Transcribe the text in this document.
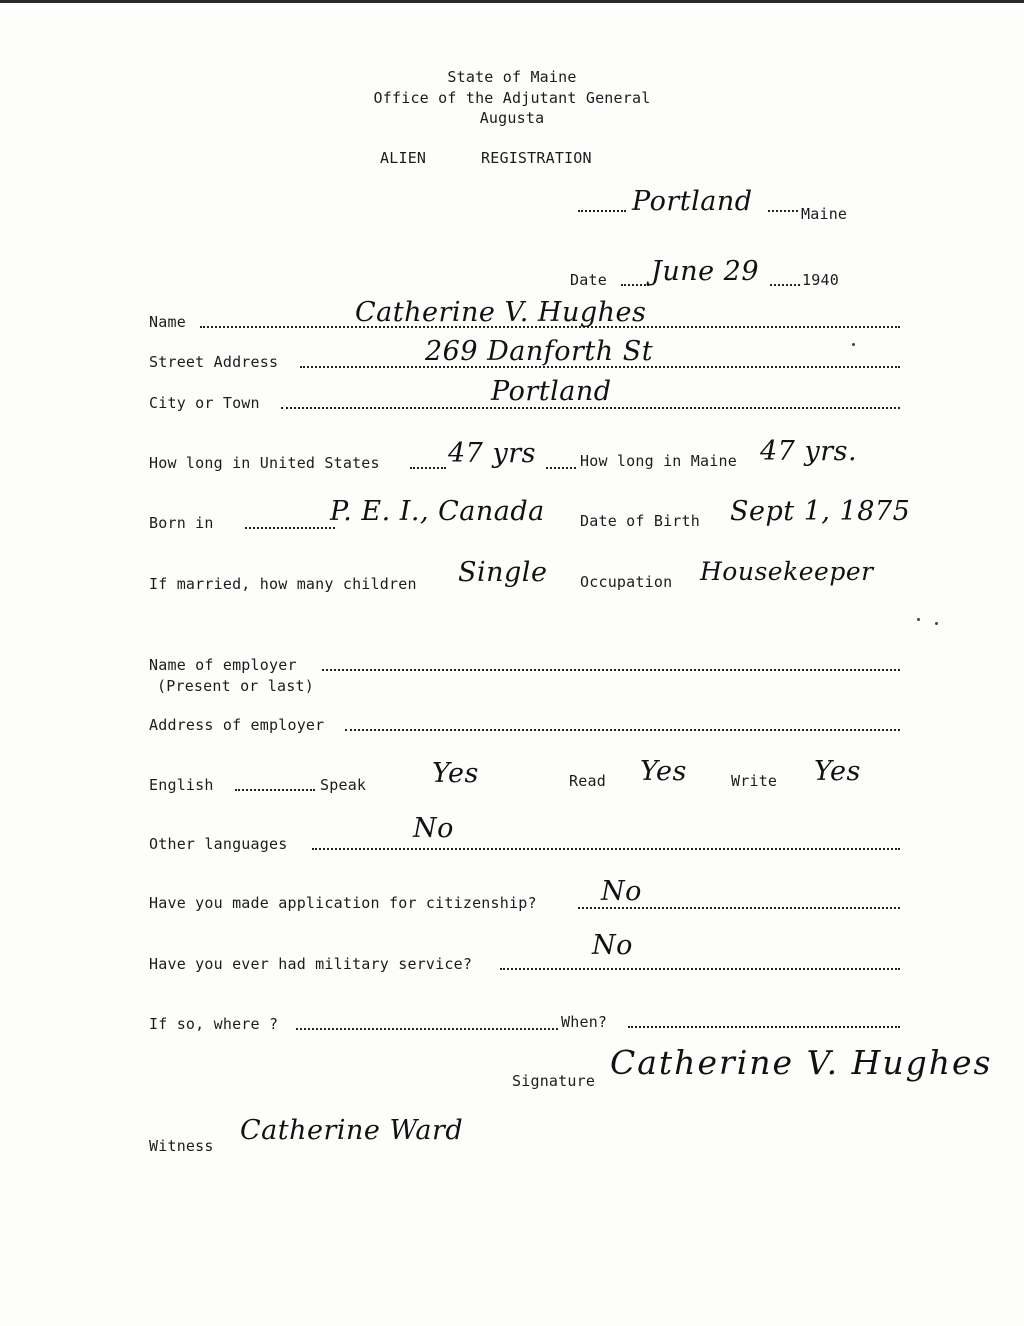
State of Maine
Office of the Adjutant General
Augusta
ALIEN	REGISTRATION
Portland	Maine
Date June 29	1940
Name	Catherine V. Hughes
Street Address	269 Danforth St
City or Town	Portland
How long in United States	47 yrs	How long in Maine 47 yrs.
Born in	P. E. I., Canada Date of Birth Sept 1, 1875
If married, how many children Single Occupation Housekeeper
Name of employer
(Present or last)
Address of employer
English	Speak Yes	Read Yes	Write Yes
Other languages	No
Have you made application for citizenship? No
Have you ever had military service?
No
If so, where ?	When?
Signature Catherine V. Hughes
Witness Catherine Ward
